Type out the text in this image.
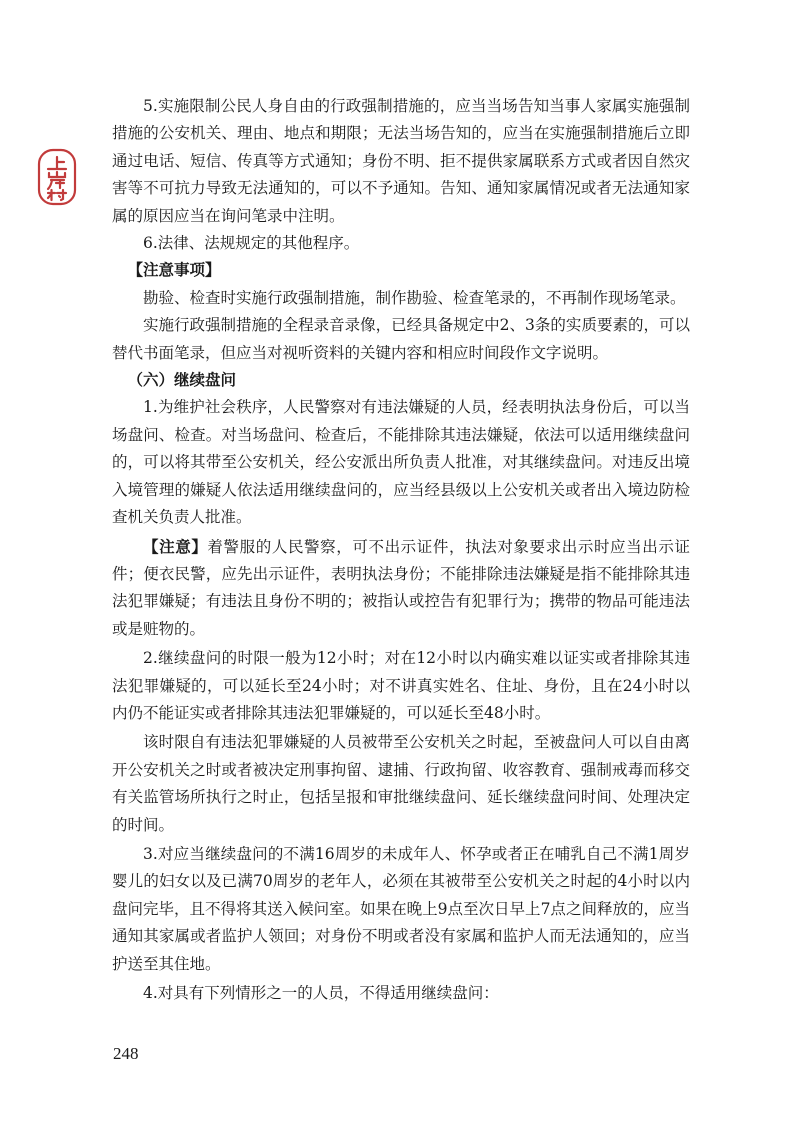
5.实施限制公民人身自由的行政强制措施的，应当当场告知当事人家属实施强制措施的公安机关、理由、地点和期限；无法当场告知的，应当在实施强制措施后立即通过电话、短信、传真等方式通知；身份不明、拒不提供家属联系方式或者因自然灾害等不可抗力导致无法通知的，可以不予通知。告知、通知家属情况或者无法通知家属的原因应当在询问笔录中注明。

6.法律、法规规定的其他程序。

【注意事项】

勘验、检查时实施行政强制措施，制作勘验、检查笔录的，不再制作现场笔录。

实施行政强制措施的全程录音录像，已经具备规定中2、3条的实质要素的，可以替代书面笔录，但应当对视听资料的关键内容和相应时间段作文字说明。

（六）继续盘问

1.为维护社会秩序，人民警察对有违法嫌疑的人员，经表明执法身份后，可以当场盘问、检查。对当场盘问、检查后，不能排除其违法嫌疑，依法可以适用继续盘问的，可以将其带至公安机关，经公安派出所负责人批准，对其继续盘问。对违反出境入境管理的嫌疑人依法适用继续盘问的，应当经县级以上公安机关或者出入境边防检查机关负责人批准。

【注意】着警服的人民警察，可不出示证件，执法对象要求出示时应当出示证件；便衣民警，应先出示证件，表明执法身份；不能排除违法嫌疑是指不能排除其违法犯罪嫌疑；有违法且身份不明的；被指认或控告有犯罪行为；携带的物品可能违法或是赃物的。

2.继续盘问的时限一般为12小时；对在12小时以内确实难以证实或者排除其违法犯罪嫌疑的，可以延长至24小时；对不讲真实姓名、住址、身份，且在24小时以内仍不能证实或者排除其违法犯罪嫌疑的，可以延长至48小时。

该时限自有违法犯罪嫌疑的人员被带至公安机关之时起，至被盘问人可以自由离开公安机关之时或者被决定刑事拘留、逮捕、行政拘留、收容教育、强制戒毒而移交有关监管场所执行之时止，包括呈报和审批继续盘问、延长继续盘问时间、处理决定的时间。

3.对应当继续盘问的不满16周岁的未成年人、怀孕或者正在哺乳自己不满1周岁婴儿的妇女以及已满70周岁的老年人，必须在其被带至公安机关之时起的4小时以内盘问完毕，且不得将其送入候问室。如果在晚上9点至次日早上7点之间释放的，应当通知其家属或者监护人领回；对身份不明或者没有家属和监护人而无法通知的，应当护送至其住地。

4.对具有下列情形之一的人员，不得适用继续盘问：

248
